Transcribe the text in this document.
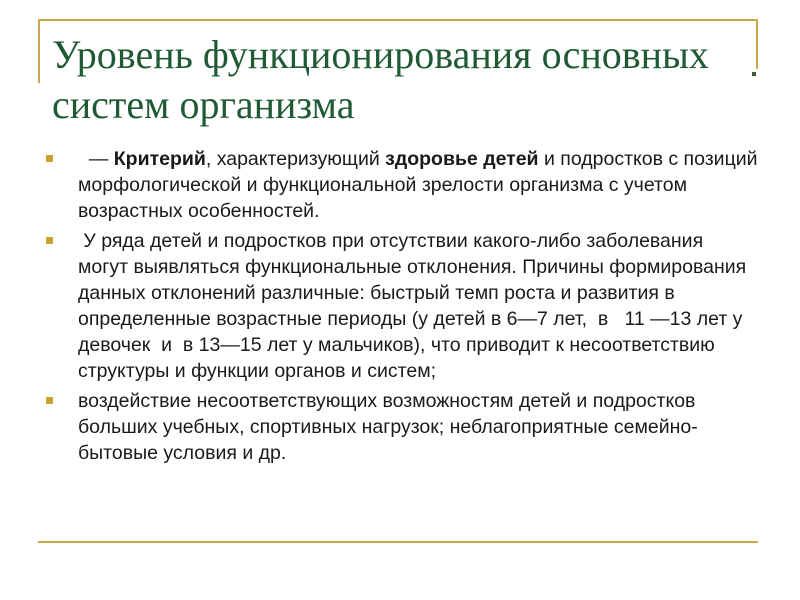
Уровень функционирования основных систем организма
— Критерий, характеризующий здоровье детей и подростков с позиций морфологической и функциональной зрелости организма с учетом возрастных особенностей.
У ряда детей и подростков при отсутствии какого-либо заболевания могут выявляться функциональные отклонения. Причины формирования данных отклонений различные: быстрый темп роста и развития в определенные возрастные периоды (у детей в 6—7 лет,  в   11 —13 лет у девочек  и  в 13—15 лет у мальчиков), что приводит к несоответствию структуры и функции органов и систем;
воздействие несоответствующих возможностям детей и подростков больших учебных, спортивных нагрузок; неблагоприятные семейно-бытовые условия и др.
